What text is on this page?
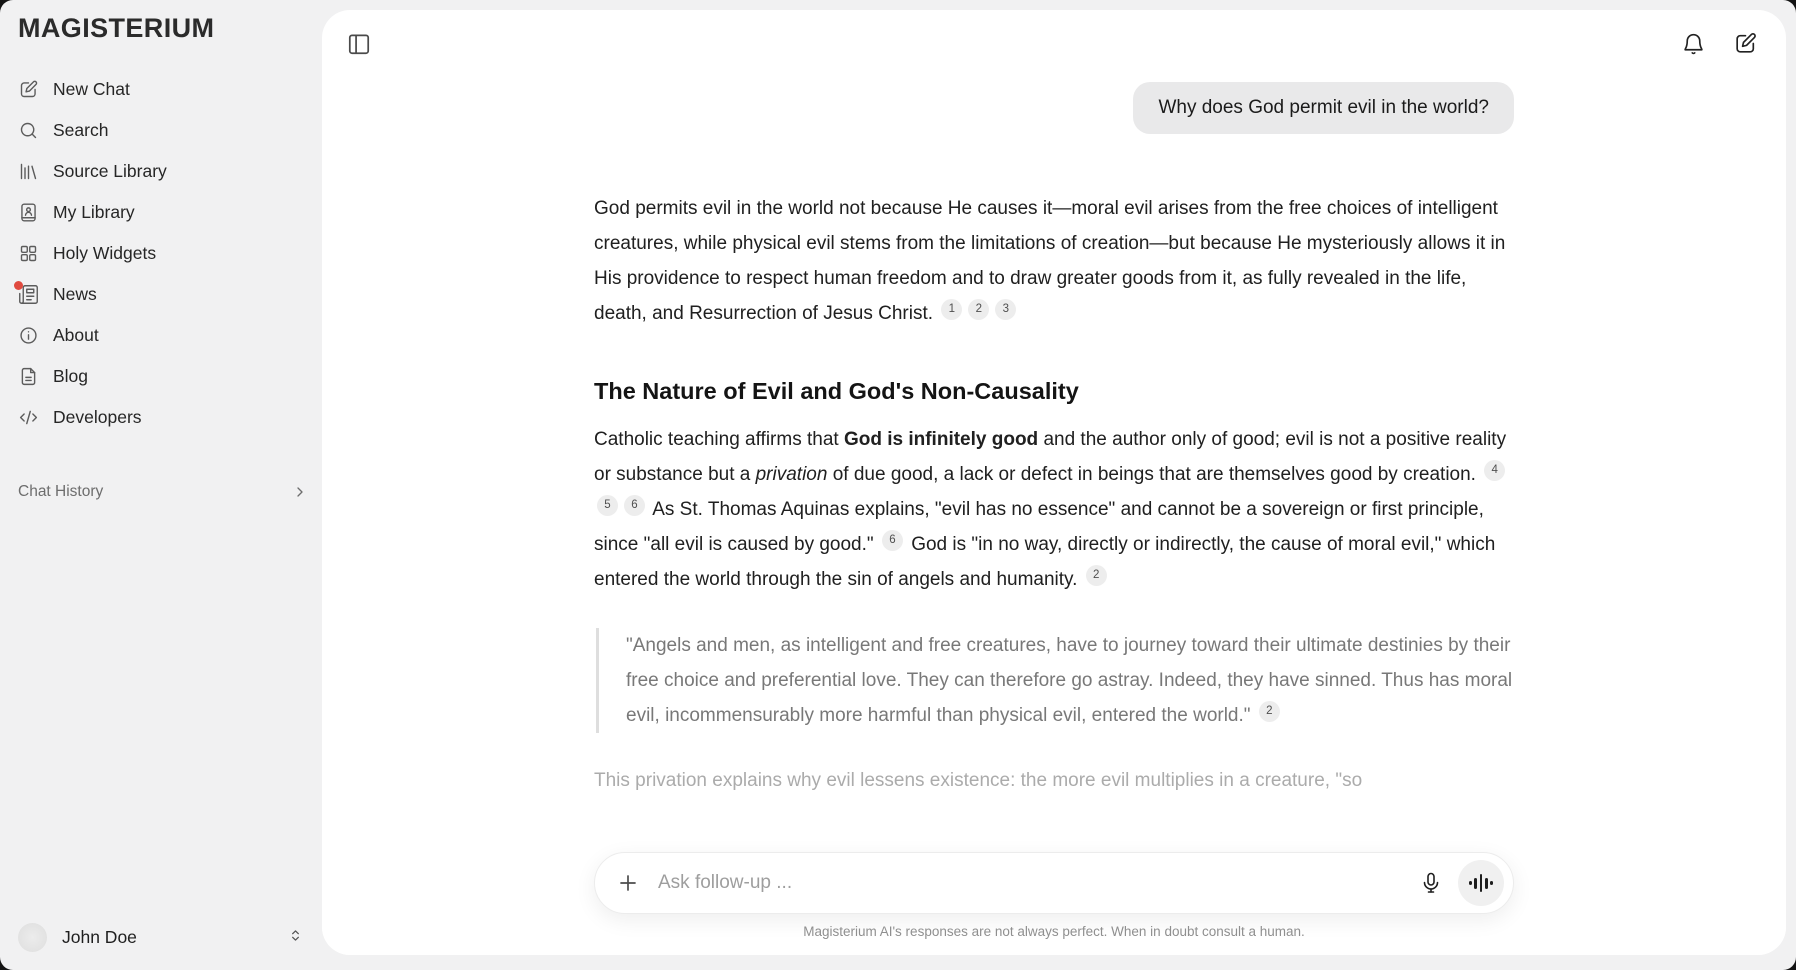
MAGISTERIUM
New Chat
Search
Source Library
My Library
Holy Widgets
News
About
Blog
Developers
Chat History
John Doe
Why does God permit evil in the world?

God permits evil in the world not because He causes it—moral evil arises from the free choices of intelligent creatures, while physical evil stems from the limitations of creation—but because He mysteriously allows it in His providence to respect human freedom and to draw greater goods from it, as fully revealed in the life, death, and Resurrection of Jesus Christ. 1 2 3

The Nature of Evil and God's Non-Causality

Catholic teaching affirms that God is infinitely good and the author only of good; evil is not a positive reality or substance but a privation of due good, a lack or defect in beings that are themselves good by creation. 45 6 As St. Thomas Aquinas explains, "evil has no essence" and cannot be a sovereign or first principle, since "all evil is caused by good." 6 God is "in no way, directly or indirectly, the cause of moral evil," which entered the world through the sin of angels and humanity. 2

"Angels and men, as intelligent and free creatures, have to journey toward their ultimate destinies by their free choice and preferential love. They can therefore go astray. Indeed, they have sinned. Thus has moral evil, incommensurably more harmful than physical evil, entered the world." 2

This privation explains why evil lessens existence: the more evil multiplies in a creature, "so

Ask follow-up ...
Magisterium AI's responses are not always perfect. When in doubt consult a human.
